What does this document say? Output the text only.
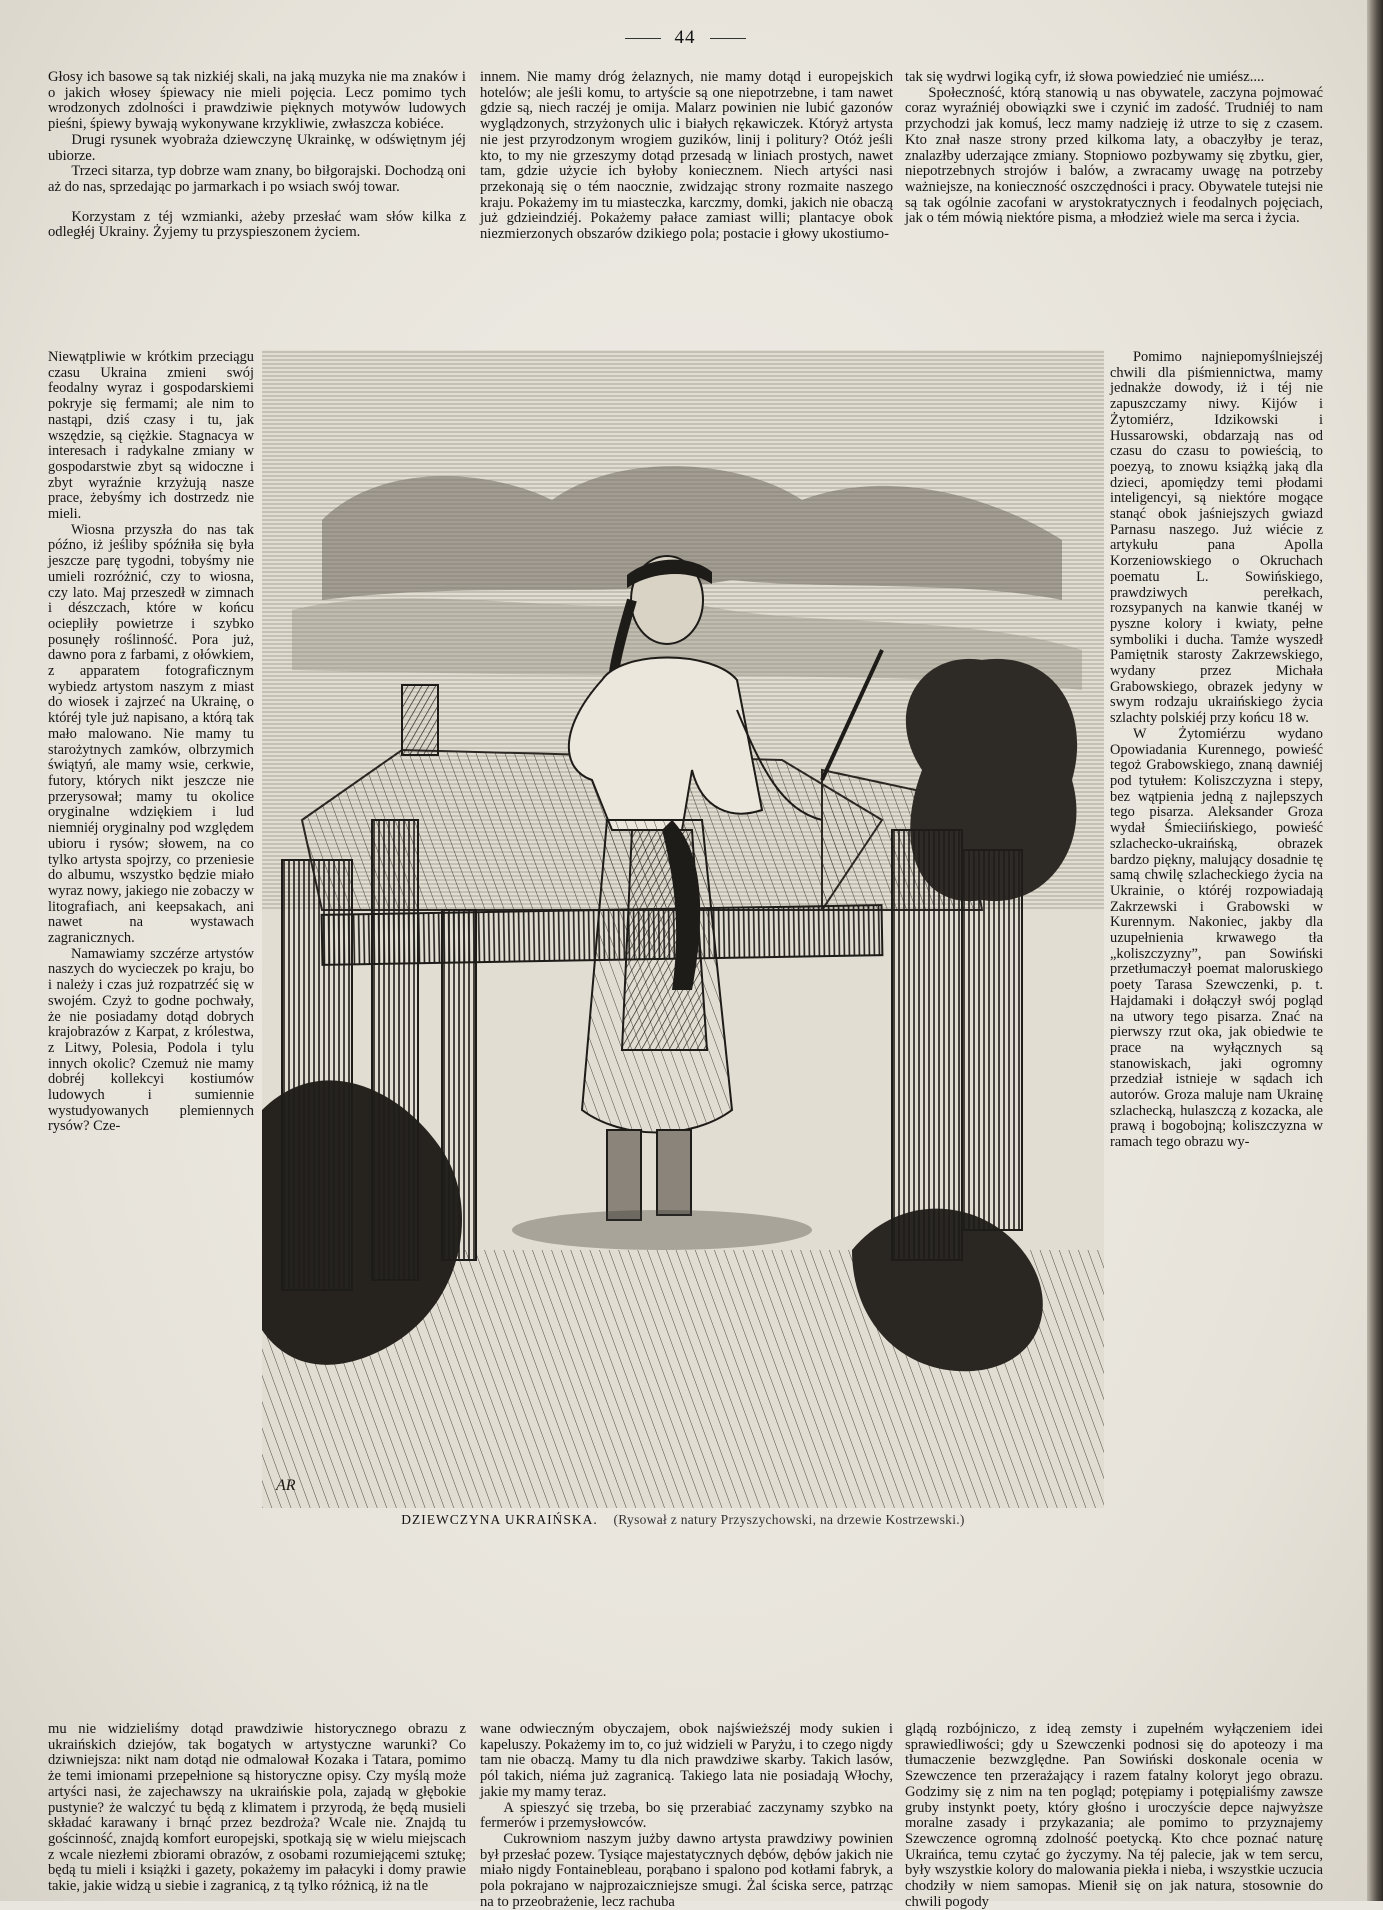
44

Głosy ich basowe są tak nizkiéj skali, na jaką muzyka nie ma znaków i o jakich włosey śpiewacy nie mieli pojęcia. Lecz pomimo tych wrodzonych zdolności i prawdziwie pięknych motywów ludowych pieśni, śpiewy bywają wykonywane krzykliwie, zwłaszcza kobiéce.

Drugi rysunek wyobraża dziewczynę Ukrainkę, w odświętnym jéj ubiorze.

Trzeci sitarza, typ dobrze wam znany, bo biłgorajski. Dochodzą oni aż do nas, sprzedając po jarmarkach i po wsiach swój towar.

Korzystam z téj wzmianki, ażeby przesłać wam słów kilka z odległéj Ukrainy. Żyjemy tu przyspieszonem życiem.

innem. Nie mamy dróg żelaznych, nie mamy dotąd i europejskich hotelów; ale jeśli komu, to artyście są one niepotrzebne, i tam nawet gdzie są, niech raczéj je omija. Malarz powinien nie lubić gazonów wyglądzonych, strzyżonych ulic i białych rękawiczek. Któryż artysta nie jest przyrodzonym wrogiem guzików, linij i politury? Otóż jeśli kto, to my nie grzeszymy dotąd przesadą w liniach prostych, nawet tam, gdzie użycie ich byłoby koniecznem. Niech artyści nasi przekonają się o tém naocznie, zwidzając strony rozmaite naszego kraju. Pokażemy im tu miasteczka, karczmy, domki, jakich nie obaczą już gdzieindziéj. Pokażemy pałace zamiast willi; plantacye obok niezmierzonych obszarów dzikiego pola; postacie i głowy ukostiumo-

tak się wydrwi logiką cyfr, iż słowa powiedzieć nie umiész....

Społeczność, którą stanowią u nas obywatele, zaczyna pojmować coraz wyraźniéj obowiązki swe i czynić im zadość. Trudniéj to nam przychodzi jak komuś, lecz mamy nadzieję iż utrze to się z czasem. Kto znał nasze strony przed kilkoma laty, a obaczyłby je teraz, znalazłby uderzające zmiany. Stopniowo pozbywamy się zbytku, gier, niepotrzebnych strojów i balów, a zwracamy uwagę na potrzeby ważniejsze, na konieczność oszczędności i pracy. Obywatele tutejsi nie są tak ogólnie zacofani w arystokratycznych i feodalnych pojęciach, jak o tém mówią niektóre pisma, a młodzież wiele ma serca i życia.

Niewątpliwie w krótkim przeciągu czasu Ukraina zmieni swój feodalny wyraz i gospodarskiemi pokryje się fermami; ale nim to nastąpi, dziś czasy i tu, jak wszędzie, są ciężkie. Stagnacya w interesach i radykalne zmiany w gospodarstwie zbyt są widoczne i zbyt wyraźnie krzyżują nasze prace, żebyśmy ich dostrzedz nie mieli.

Wiosna przyszła do nas tak późno, iż jeśliby spóźniła się była jeszcze parę tygodni, tobyśmy nie umieli rozróżnić, czy to wiosna, czy lato. Maj przeszedł w zimnach i dészczach, które w końcu ociepliły powietrze i szybko posunęły roślinność. Pora już, dawno pora z farbami, z ołówkiem, z apparatem fotograficznym wybiedz artystom naszym z miast do wiosek i zajrzeć na Ukrainę, o któréj tyle już napisano, a którą tak mało malowano. Nie mamy tu starożytnych zamków, olbrzymich świątyń, ale mamy wsie, cerkwie, futory, których nikt jeszcze nie przerysował; mamy tu okolice oryginalne wdziękiem i lud niemniéj oryginalny pod względem ubioru i rysów; słowem, na co tylko artysta spojrzy, co przeniesie do albumu, wszystko będzie miało wyraz nowy, jakiego nie zobaczy w litografiach, ani keepsakach, ani nawet na wystawach zagranicznych.

Namawiamy szczérze artystów naszych do wycieczek po kraju, bo i należy i czas już rozpatrzéć się w swojém. Czyż to godne pochwały, że nie posiadamy dotąd dobrych krajobrazów z Karpat, z królestwa, z Litwy, Polesia, Podola i tylu innych okolic? Czemuż nie mamy dobréj kollekcyi kostiumów ludowych i sumiennie wystudyowanych plemiennych rysów? Cze-

Pomimo najniepomyślniejszéj chwili dla piśmiennictwa, mamy jednakże dowody, iż i téj nie zapuszczamy niwy. Kijów i Żytomiérz, Idzikowski i Hussarowski, obdarzają nas od czasu do czasu to powieścią, to poezyą, to znowu książką jaką dla dzieci, apomiędzy temi płodami inteligencyi, są niektóre mogące stanąć obok jaśniejszych gwiazd Parnasu naszego. Już wiécie z artykułu pana Apolla Korzeniowskiego o Okruchach poematu L. Sowińskiego, prawdziwych perełkach, rozsypanych na kanwie tkanéj w pyszne kolory i kwiaty, pełne symboliki i ducha. Tamże wyszedł Pamiętnik starosty Zakrzewskiego, wydany przez Michała Grabowskiego, obrazek jedyny w swym rodzaju ukraińskiego życia szlachty polskiéj przy końcu 18 w.

W Żytomiérzu wydano Opowiadania Kurennego, powieść tegoż Grabowskiego, znaną dawniéj pod tytułem: Koliszczyzna i stepy, bez wątpienia jedną z najlepszych tego pisarza. Aleksander Groza wydał Śmieciińskiego, powieść szlachecko-ukraińską, obrazek bardzo piękny, malujący dosadnie tę samą chwilę szlacheckiego życia na Ukrainie, o któréj rozpowiadają Zakrzewski i Grabowski w Kurennym. Nakoniec, jakby dla uzupełnienia krwawego tła „koliszczyzny”, pan Sowiński przetłumaczył poemat maloruskiego poety Tarasa Szewczenki, p. t. Hajdamaki i dołączył swój pogląd na utwory tego pisarza. Znać na pierwszy rzut oka, jak obiedwie te prace na wyłącznych są stanowiskach, jaki ogromny przedział istnieje w sądach ich autorów. Groza maluje nam Ukrainę szlachecką, hulaszczą z kozacka, ale prawą i bogobojną; koliszczyzna w ramach tego obrazu wy-

AR
DZIEWCZYNA UKRAIŃSKA. (Rysował z natury Przyszychowski, na drzewie Kostrzewski.)

mu nie widzieliśmy dotąd prawdziwie historycznego obrazu z ukraińskich dziejów, tak bogatych w artystyczne warunki? Co dziwniejsza: nikt nam dotąd nie odmalował Kozaka i Tatara, pomimo że temi imionami przepełnione są historyczne opisy. Czy myślą może artyści nasi, że zajechawszy na ukraińskie pola, zajadą w głębokie pustynie? że walczyć tu będą z klimatem i przyrodą, że będą musieli składać karawany i brnąć przez bezdroża? Wcale nie. Znajdą tu gościnność, znajdą komfort europejski, spotkają się w wielu miejscach z wcale niezłemi zbiorami obrazów, z osobami rozumiejącemi sztukę; będą tu mieli i książki i gazety, pokażemy im pałacyki i domy prawie takie, jakie widzą u siebie i zagranicą, z tą tylko różnicą, iż na tle

wane odwieczným obyczajem, obok najświeższéj mody sukien i kapeluszy. Pokażemy im to, co już widzieli w Paryżu, i to czego nigdy tam nie obaczą. Mamy tu dla nich prawdziwe skarby. Takich lasów, pól takich, niéma już zagranicą. Takiego lata nie posiadają Włochy, jakie my mamy teraz.

A spieszyć się trzeba, bo się przerabiać zaczynamy szybko na fermerów i przemysłowców.

Cukrowniom naszym jużby dawno artysta prawdziwy powinien był przesłać pozew. Tysiące majestatycznych dębów, dębów jakich nie miało nigdy Fontainebleau, porąbano i spalono pod kotłami fabryk, a pola pokrajano w najprozaiczniejsze smugi. Żal ściska serce, patrząc na to przeobrażenie, lecz rachuba

glądą rozbójniczo, z ideą zemsty i zupełném wyłączeniem idei sprawiedliwości; gdy u Szewczenki podnosi się do apoteozy i ma tłumaczenie bezwzględne. Pan Sowiński doskonale ocenia w Szewczence ten przerażający i razem fatalny koloryt jego obrazu. Godzimy się z nim na ten pogląd; potępiamy i potępialiśmy zawsze gruby instynkt poety, który głośno i uroczyście depce najwyższe moralne zasady i przykazania; ale pomimo to przyznajemy Szewczence ogromną zdolność poetycką. Kto chce poznać naturę Ukraińca, temu czytać go życzymy. Na téj palecie, jak w tem sercu, były wszystkie kolory do malowania piekła i nieba, i wszystkie uczucia chodziły w niem samopas. Mienił się on jak natura, stosownie do chwili pogody
